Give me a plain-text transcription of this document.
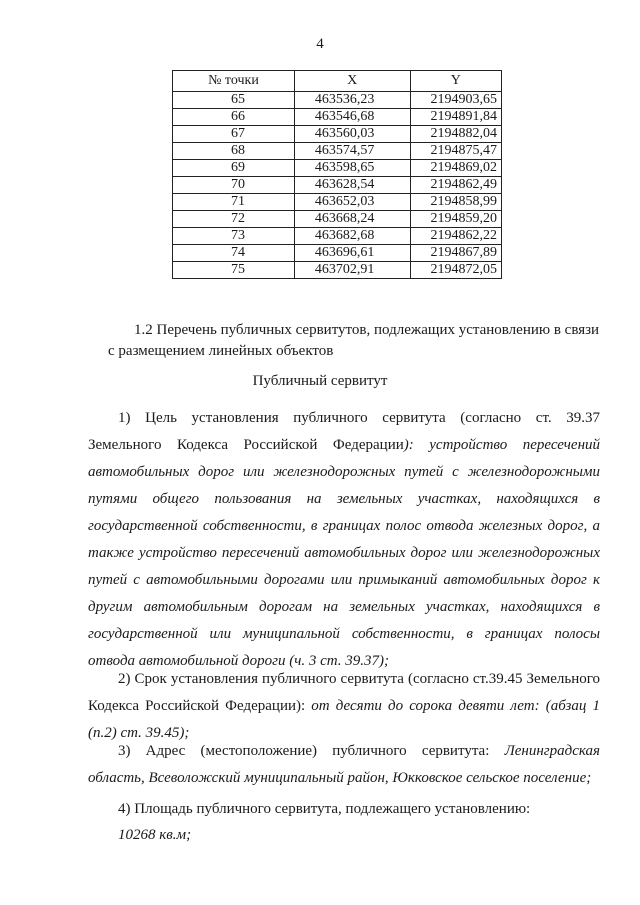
4
№ точки	X	Y
65	463536,23	2194903,65
66	463546,68	2194891,84
67	463560,03	2194882,04
68	463574,57	2194875,47
69	463598,65	2194869,02
70	463628,54	2194862,49
71	463652,03	2194858,99
72	463668,24	2194859,20
73	463682,68	2194862,22
74	463696,61	2194867,89
75	463702,91	2194872,05
1.2 Перечень публичных сервитутов, подлежащих установлению в связи
с размещением линейных объектов
Публичный сервитут
1) Цель установления публичного сервитута (согласно ст. 39.37 Земельного Кодекса Российской Федерации): устройство пересечений автомобильных дорог или железнодорожных путей с железнодорожными путями общего пользования на земельных участках, находящихся в государственной собственности, в границах полос отвода железных дорог, а также устройство пересечений автомобильных дорог или железнодорожных путей с автомобильными дорогами или примыканий автомобильных дорог к другим автомобильным дорогам на земельных участках, находящихся в государственной или муниципальной собственности, в границах полосы отвода автомобильной дороги (ч. 3 ст. 39.37);
2) Срок установления публичного сервитута (согласно ст.39.45 Земельного Кодекса Российской Федерации): от десяти до сорока девяти лет: (абзац 1 (п.2) ст. 39.45);
3) Адрес (местоположение) публичного сервитута: Ленинградская область, Всеволожский муниципальный район, Юкковское сельское поселение;
4) Площадь публичного сервитута, подлежащего установлению:
10268 кв.м;
